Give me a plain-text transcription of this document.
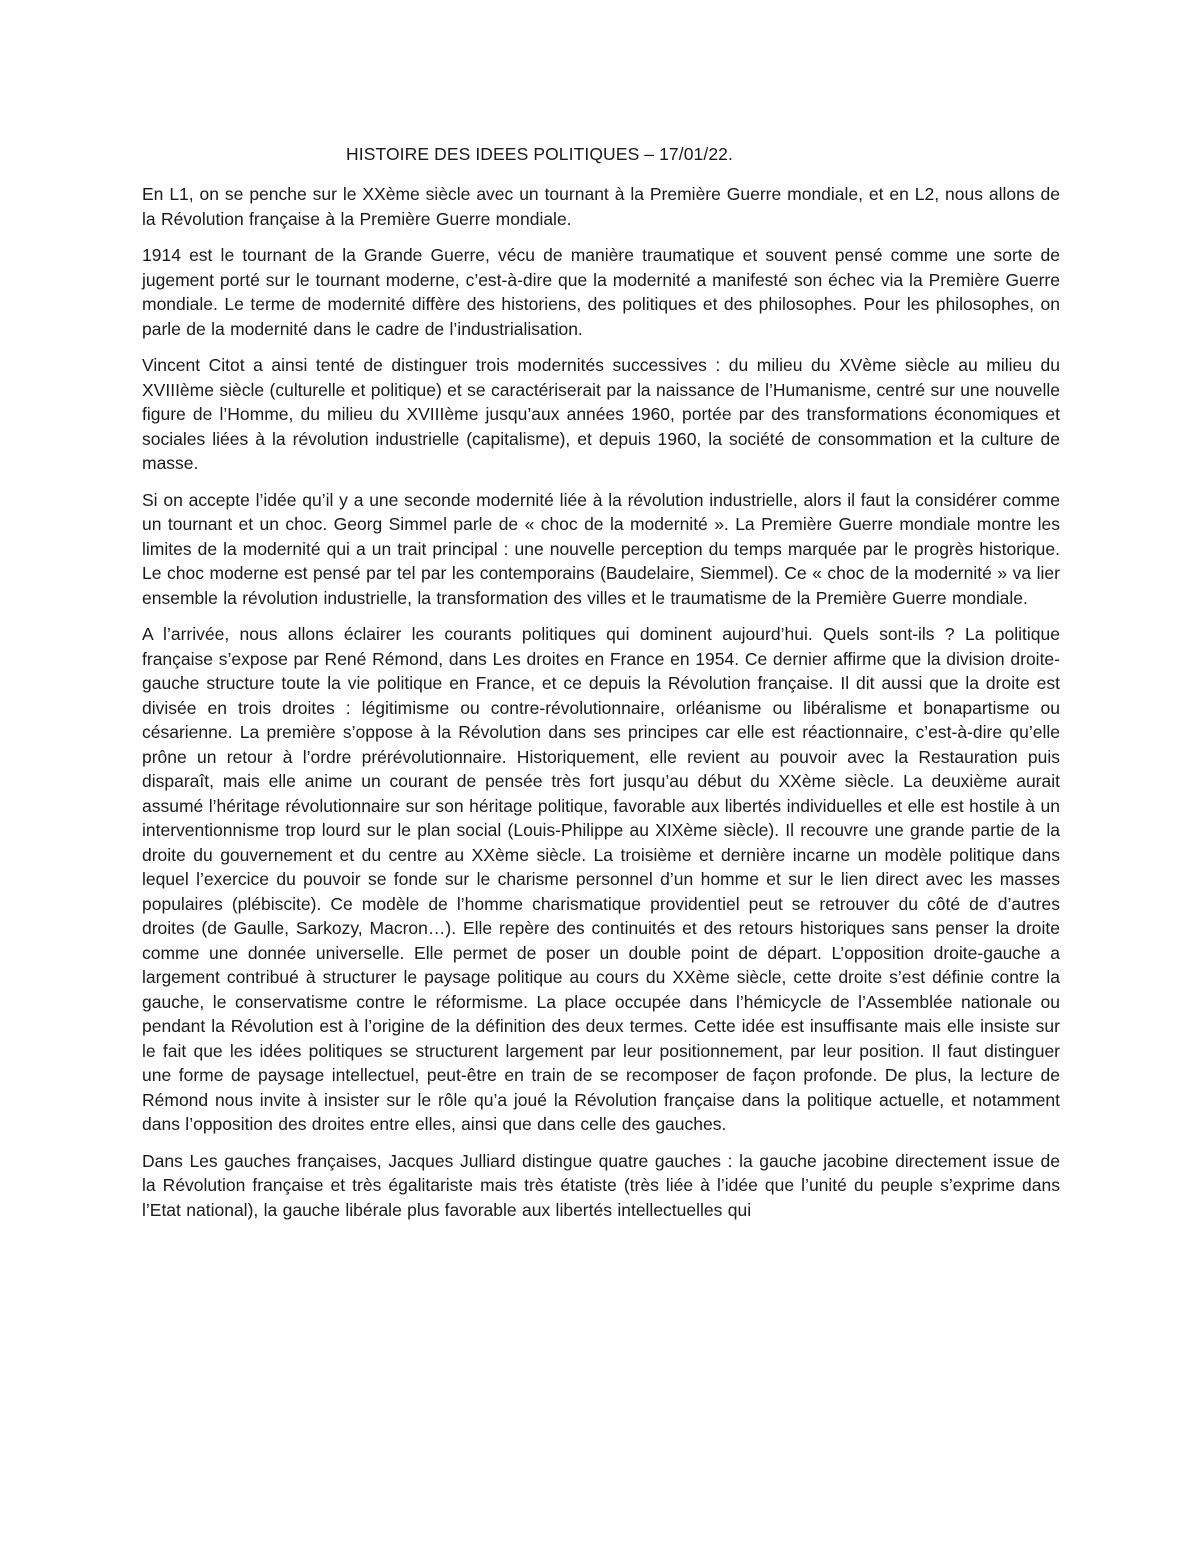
HISTOIRE DES IDEES POLITIQUES – 17/01/22.

En L1, on se penche sur le XXème siècle avec un tournant à la Première Guerre mondiale, et en L2, nous allons de la Révolution française à la Première Guerre mondiale.

1914 est le tournant de la Grande Guerre, vécu de manière traumatique et souvent pensé comme une sorte de jugement porté sur le tournant moderne, c’est-à-dire que la modernité a manifesté son échec via la Première Guerre mondiale. Le terme de modernité diffère des historiens, des politiques et des philosophes. Pour les philosophes, on parle de la modernité dans le cadre de l’industrialisation.

Vincent Citot a ainsi tenté de distinguer trois modernités successives : du milieu du XVème siècle au milieu du XVIIIème siècle (culturelle et politique) et se caractériserait par la naissance de l’Humanisme, centré sur une nouvelle figure de l’Homme, du milieu du XVIIIème jusqu’aux années 1960, portée par des transformations économiques et sociales liées à la révolution industrielle (capitalisme), et depuis 1960, la société de consommation et la culture de masse.

Si on accepte l’idée qu’il y a une seconde modernité liée à la révolution industrielle, alors il faut la considérer comme un tournant et un choc. Georg Simmel parle de « choc de la modernité ». La Première Guerre mondiale montre les limites de la modernité qui a un trait principal : une nouvelle perception du temps marquée par le progrès historique. Le choc moderne est pensé par tel par les contemporains (Baudelaire, Siemmel). Ce « choc de la modernité » va lier ensemble la révolution industrielle, la transformation des villes et le traumatisme de la Première Guerre mondiale.

A l’arrivée, nous allons éclairer les courants politiques qui dominent aujourd’hui. Quels sont-ils ? La politique française s’expose par René Rémond, dans Les droites en France en 1954. Ce dernier affirme que la division droite-gauche structure toute la vie politique en France, et ce depuis la Révolution française. Il dit aussi que la droite est divisée en trois droites : légitimisme ou contre-révolutionnaire, orléanisme ou libéralisme et bonapartisme ou césarienne. La première s’oppose à la Révolution dans ses principes car elle est réactionnaire, c’est-à-dire qu’elle prône un retour à l’ordre prérévolutionnaire. Historiquement, elle revient au pouvoir avec la Restauration puis disparaît, mais elle anime un courant de pensée très fort jusqu’au début du XXème siècle. La deuxième aurait assumé l’héritage révolutionnaire sur son héritage politique, favorable aux libertés individuelles et elle est hostile à un interventionnisme trop lourd sur le plan social (Louis-Philippe au XIXème siècle). Il recouvre une grande partie de la droite du gouvernement et du centre au XXème siècle. La troisième et dernière incarne un modèle politique dans lequel l’exercice du pouvoir se fonde sur le charisme personnel d’un homme et sur le lien direct avec les masses populaires (plébiscite). Ce modèle de l’homme charismatique providentiel peut se retrouver du côté de d’autres droites (de Gaulle, Sarkozy, Macron…). Elle repère des continuités et des retours historiques sans penser la droite comme une donnée universelle. Elle permet de poser un double point de départ. L’opposition droite-gauche a largement contribué à structurer le paysage politique au cours du XXème siècle, cette droite s’est définie contre la gauche, le conservatisme contre le réformisme. La place occupée dans l’hémicycle de l’Assemblée nationale ou pendant la Révolution est à l’origine de la définition des deux termes. Cette idée est insuffisante mais elle insiste sur le fait que les idées politiques se structurent largement par leur positionnement, par leur position. Il faut distinguer une forme de paysage intellectuel, peut-être en train de se recomposer de façon profonde. De plus, la lecture de Rémond nous invite à insister sur le rôle qu’a joué la Révolution française dans la politique actuelle, et notamment dans l’opposition des droites entre elles, ainsi que dans celle des gauches.

Dans Les gauches françaises, Jacques Julliard distingue quatre gauches : la gauche jacobine directement issue de la Révolution française et très égalitariste mais très étatiste (très liée à l’idée que l’unité du peuple s’exprime dans l’Etat national), la gauche libérale plus favorable aux libertés intellectuelles qui
